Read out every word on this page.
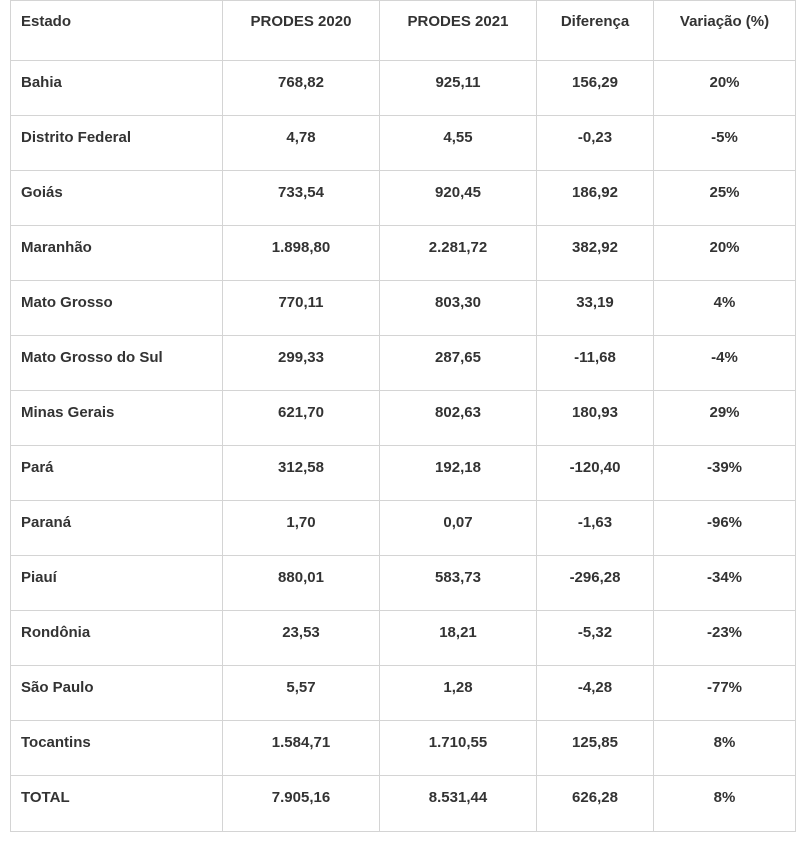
Estado	PRODES 2020	PRODES 2021	Diferença	Variação (%)
Bahia	768,82	925,11	156,29	20%
Distrito Federal	4,78	4,55	-0,23	-5%
Goiás	733,54	920,45	186,92	25%
Maranhão	1.898,80	2.281,72	382,92	20%
Mato Grosso	770,11	803,30	33,19	4%
Mato Grosso do Sul	299,33	287,65	-11,68	-4%
Minas Gerais	621,70	802,63	180,93	29%
Pará	312,58	192,18	-120,40	-39%
Paraná	1,70	0,07	-1,63	-96%
Piauí	880,01	583,73	-296,28	-34%
Rondônia	23,53	18,21	-5,32	-23%
São Paulo	5,57	1,28	-4,28	-77%
Tocantins	1.584,71	1.710,55	125,85	8%
TOTAL	7.905,16	8.531,44	626,28	8%
